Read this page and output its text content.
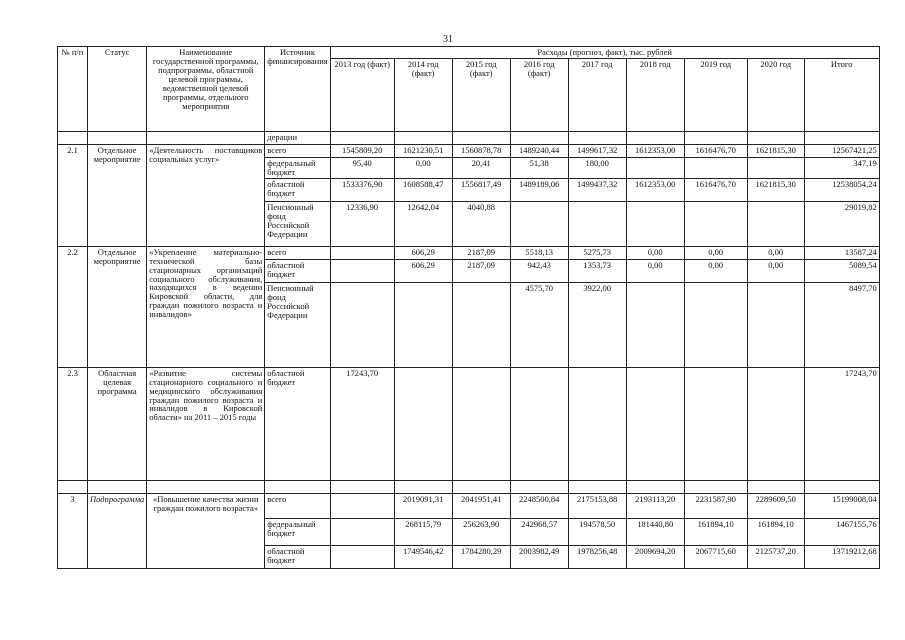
31
№ п/п	Статус	Наименование государственной программы, подпрограммы, областной целевой программы, ведомственной целевой программы, отдельного мероприятия	Источник финансирования	Расходы (прогноз, факт), тыс. рублей								
				2013 год (факт)	2014 год (факт)	2015 год (факт)	2016 год (факт)	2017 год	2018 год	2019 год	2020 год	Итого
			дерации									
2.1	Отдельное мероприятие	«Деятельность поставщиков социальных услуг»	всего	1545809,20	1621230,51	1560878,78	1489240,44	1499617,32	1612353,00	1616476,70	1621815,30	12567421,25
			федеральный бюджет	95,40	0,00	20,41	51,38	180,00				347,19
			областной бюджет	1533376,90	1608588,47	1556817,49	1489189,06	1499437,32	1612353,00	1616476,70	1621815,30	12538054,24
			Пенсионный фонд Российской Федерации	12336,90	12642,04	4040,88						29019,82
2.2	Отдельное мероприятие	«Укрепление материально-технической базы стационарных организаций социального обслуживания, находящихся в ведении Кировской области, для граждан пожилого возраста и инвалидов»	всего		606,29	2187,09	5518,13	5275,73	0,00	0,00	0,00	13587,24
			областной бюджет		606,29	2187,09	942,43	1353,73	0,00	0,00	0,00	5089,54
			Пенсионный фонд Российской Федерации				4575,70	3922,00				8497,70
2.3	Областная целевая программа	«Развитие системы стационарного социального и медицинского обслуживания граждан пожилого возраста и инвалидов в Кировской области» на 2011 – 2015 годы	областной бюджет	17243,70								17243,70

3	Подпрограмма	«Повышение качества жизни граждан пожилого возраста»	всего		2019091,31	2041951,41	2248500,84	2175153,88	2193113,20	2231587,90	2289609,50	15199008,04
			федеральный бюджет		268115,79	256263,90	242968,57	194578,50	181440,80	161894,10	161894,10	1467155,76
			областной бюджет		1749546,42	1784280,29	2003982,49	1978256,48	2009694,20	2067715,60	2125737,20	13719212,68
